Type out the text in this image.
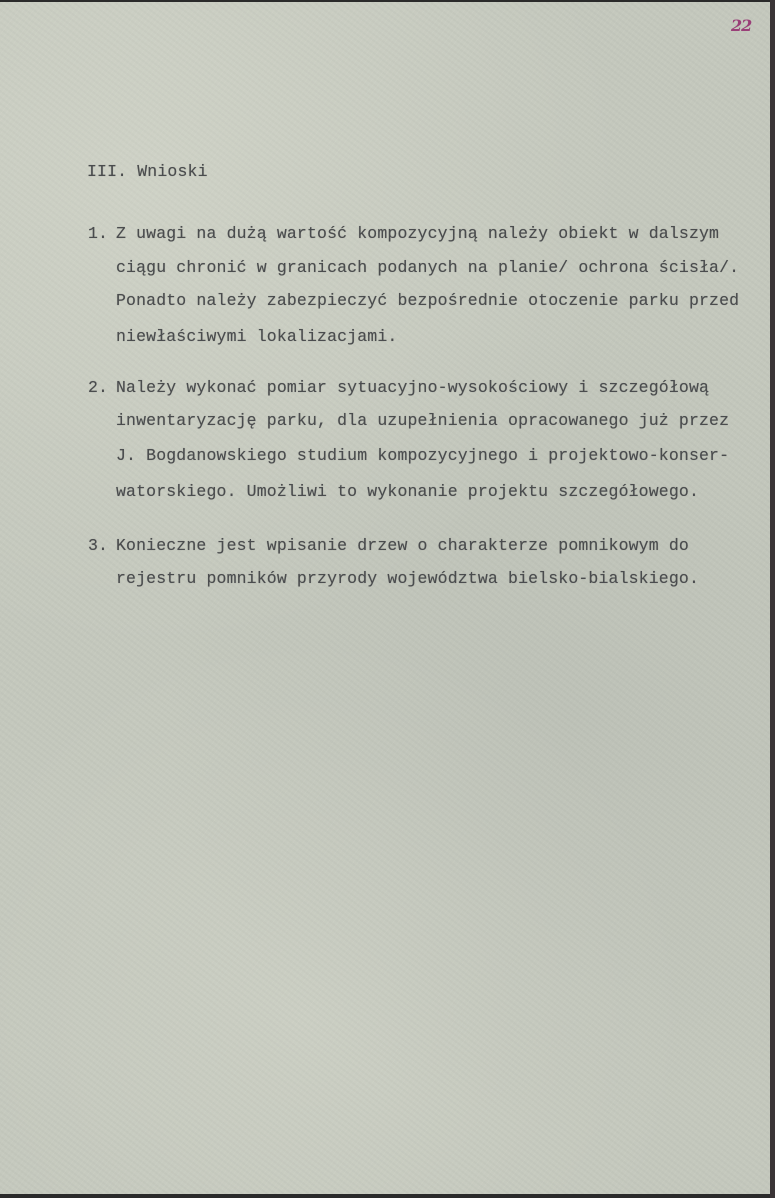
22
III. Wnioski
1. Z uwagi na dużą wartość kompozycyjną należy obiekt w dalszym
ciągu chronić w granicach podanych na planie/ ochrona ścisła/.
Ponadto należy zabezpieczyć bezpośrednie otoczenie parku przed
niewłaściwymi lokalizacjami.
2. Należy wykonać pomiar sytuacyjno-wysokościowy i szczegółową
inwentaryzację parku, dla uzupełnienia opracowanego już przez
J. Bogdanowskiego studium kompozycyjnego i projektowo-konser-
watorskiego. Umożliwi to wykonanie projektu szczegółowego.
3. Konieczne jest wpisanie drzew o charakterze pomnikowym do
rejestru pomników przyrody województwa bielsko-bialskiego.
